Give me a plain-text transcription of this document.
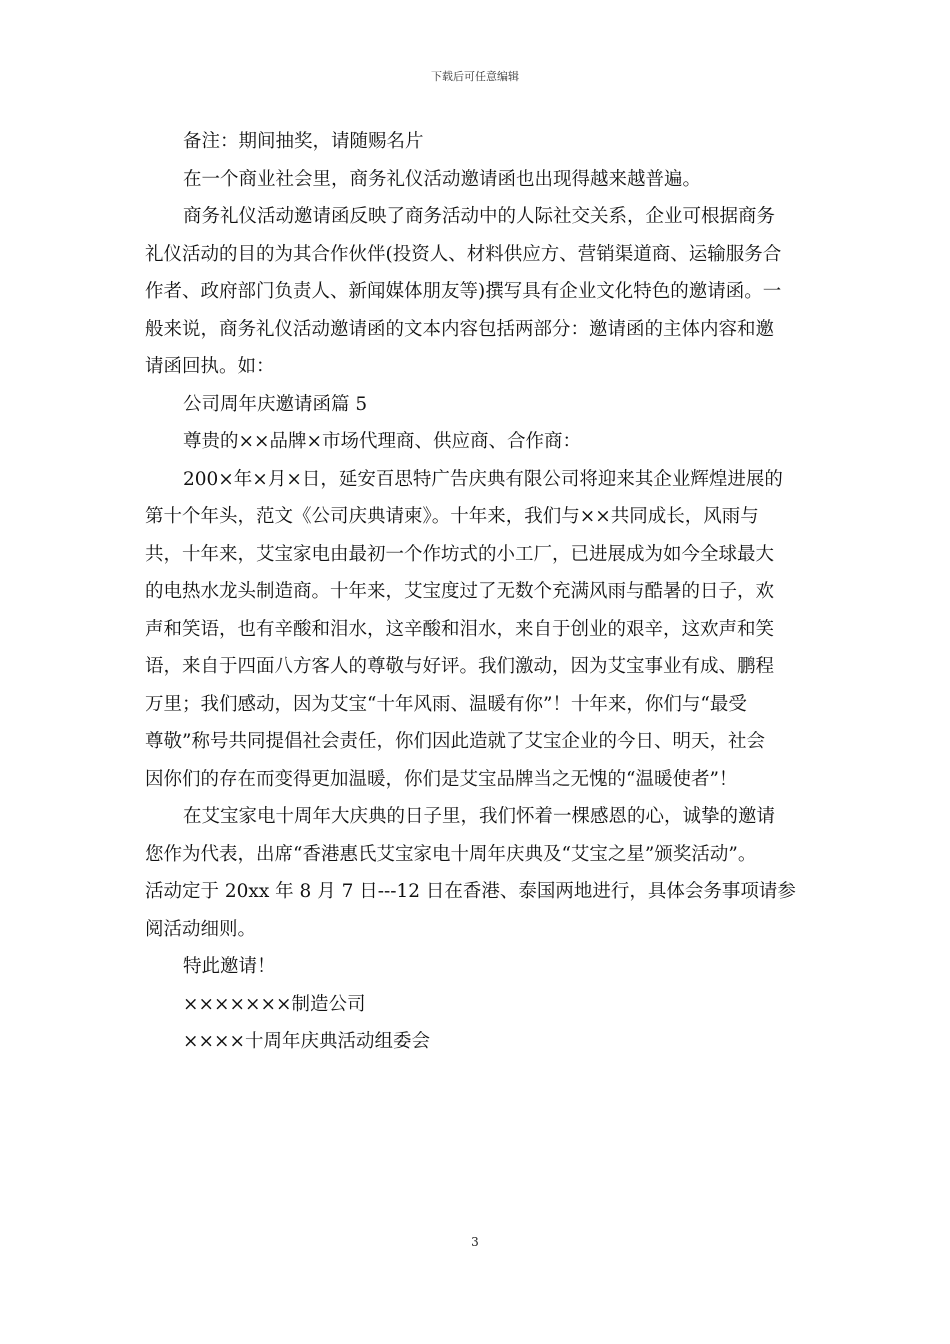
下载后可任意编辑
备注：期间抽奖，请随赐名片
在一个商业社会里，商务礼仪活动邀请函也出现得越来越普遍。
商务礼仪活动邀请函反映了商务活动中的人际社交关系，企业可根据商务
礼仪活动的目的为其合作伙伴(投资人、材料供应方、营销渠道商、运输服务合
作者、政府部门负责人、新闻媒体朋友等)撰写具有企业文化特色的邀请函。一
般来说，商务礼仪活动邀请函的文本内容包括两部分：邀请函的主体内容和邀
请函回执。如：
公司周年庆邀请函篇 5
尊贵的××品牌×市场代理商、供应商、合作商：
200×年×月×日，延安百思特广告庆典有限公司将迎来其企业辉煌进展的
第十个年头，范文《公司庆典请柬》。十年来，我们与××共同成长，风雨与
共，十年来，艾宝家电由最初一个作坊式的小工厂，已进展成为如今全球最大
的电热水龙头制造商。十年来，艾宝度过了无数个充满风雨与酷暑的日子，欢
声和笑语，也有辛酸和泪水，这辛酸和泪水，来自于创业的艰辛，这欢声和笑
语，来自于四面八方客人的尊敬与好评。我们激动，因为艾宝事业有成、鹏程
万里；我们感动，因为艾宝“十年风雨、温暖有你”！十年来，你们与“最受
尊敬”称号共同提倡社会责任，你们因此造就了艾宝企业的今日、明天，社会
因你们的存在而变得更加温暖，你们是艾宝品牌当之无愧的“温暖使者”！
在艾宝家电十周年大庆典的日子里，我们怀着一棵感恩的心，诚挚的邀请
您作为代表，出席“香港惠氏艾宝家电十周年庆典及“艾宝之星”颁奖活动”。
活动定于 20xx 年 8 月 7 日---12 日在香港、泰国两地进行，具体会务事项请参
阅活动细则。
特此邀请！
×××××××制造公司
××××十周年庆典活动组委会
3
